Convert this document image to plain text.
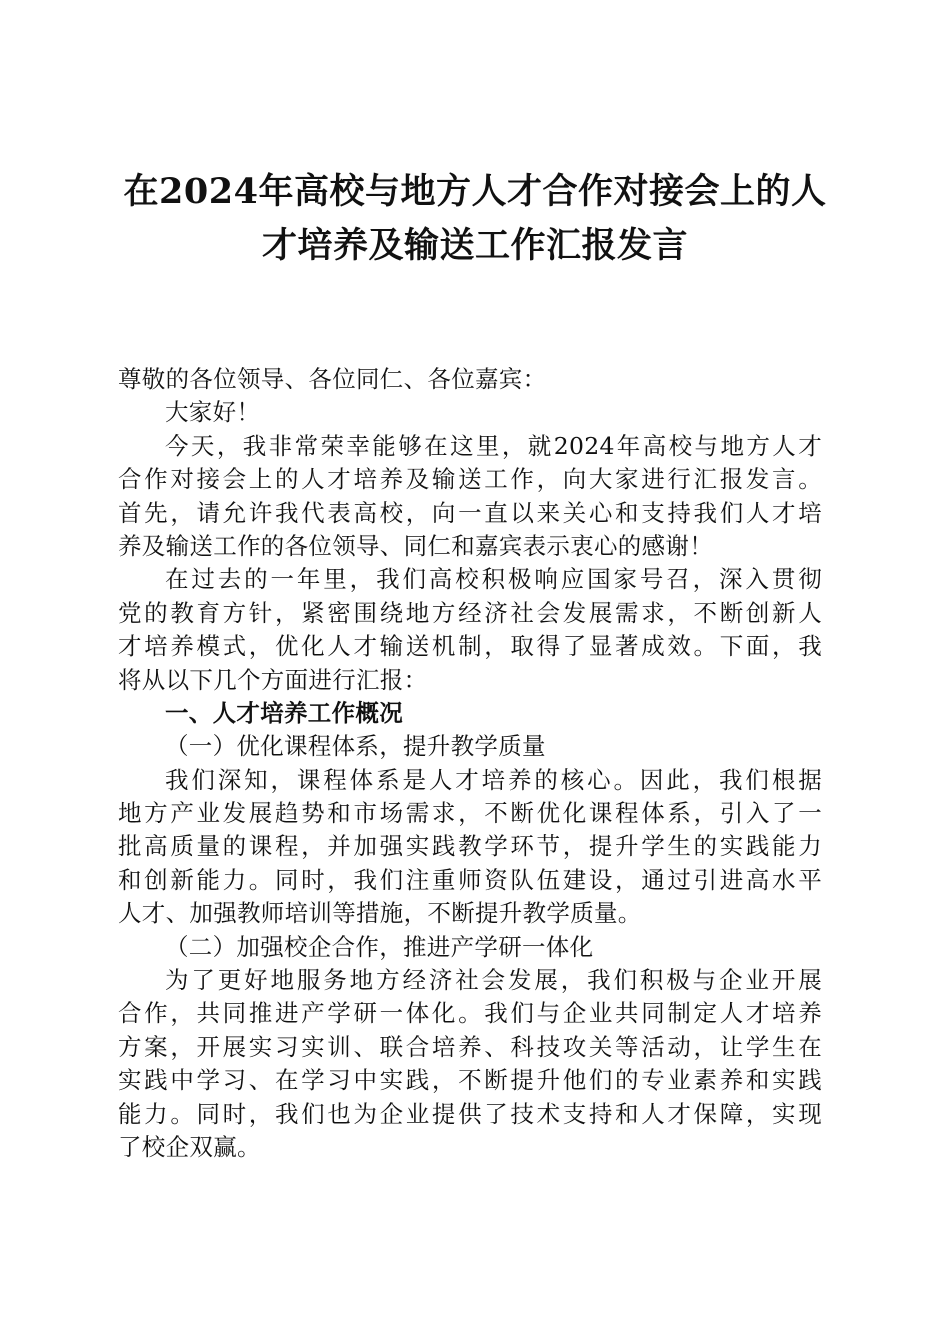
在2024年高校与地方人才合作对接会上的人
才培养及输送工作汇报发言
尊敬的各位领导、各位同仁、各位嘉宾：
大家好！
今天，我非常荣幸能够在这里，就2024年高校与地方人才
合作对接会上的人才培养及输送工作，向大家进行汇报发言。
首先，请允许我代表高校，向一直以来关心和支持我们人才培
养及输送工作的各位领导、同仁和嘉宾表示衷心的感谢！
在过去的一年里，我们高校积极响应国家号召，深入贯彻
党的教育方针，紧密围绕地方经济社会发展需求，不断创新人
才培养模式，优化人才输送机制，取得了显著成效。下面，我
将从以下几个方面进行汇报：
一、人才培养工作概况
（一）优化课程体系，提升教学质量
我们深知，课程体系是人才培养的核心。因此，我们根据
地方产业发展趋势和市场需求，不断优化课程体系，引入了一
批高质量的课程，并加强实践教学环节，提升学生的实践能力
和创新能力。同时，我们注重师资队伍建设，通过引进高水平
人才、加强教师培训等措施，不断提升教学质量。
（二）加强校企合作，推进产学研一体化
为了更好地服务地方经济社会发展，我们积极与企业开展
合作，共同推进产学研一体化。我们与企业共同制定人才培养
方案，开展实习实训、联合培养、科技攻关等活动，让学生在
实践中学习、在学习中实践，不断提升他们的专业素养和实践
能力。同时，我们也为企业提供了技术支持和人才保障，实现
了校企双赢。
